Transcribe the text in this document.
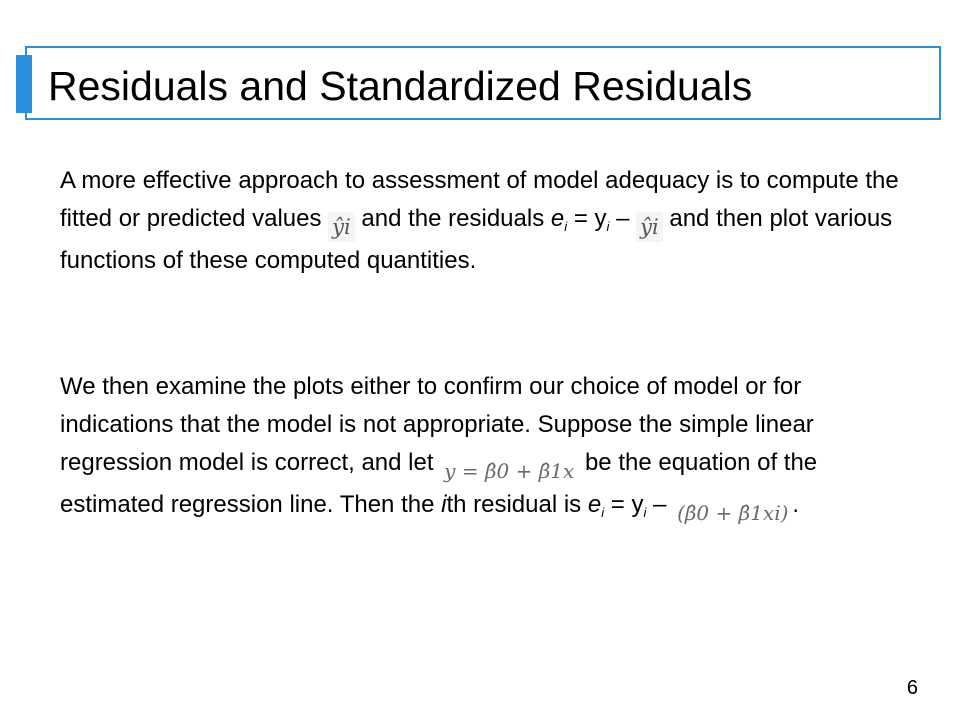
Residuals and Standardized Residuals

A more effective approach to assessment of model adequacy is to compute the fitted or predicted values ŷi and the residuals $e_i = y_i$ – ŷi and then plot various functions of these computed quantities.

We then examine the plots either to confirm our choice of model or for indications that the model is not appropriate. Suppose the simple linear regression model is correct, and let y = β̂0 + β̂1x be the equation of the estimated regression line. Then the ith residual is $e_i = y_i$ – (β̂0 + β̂1xi) .

6
